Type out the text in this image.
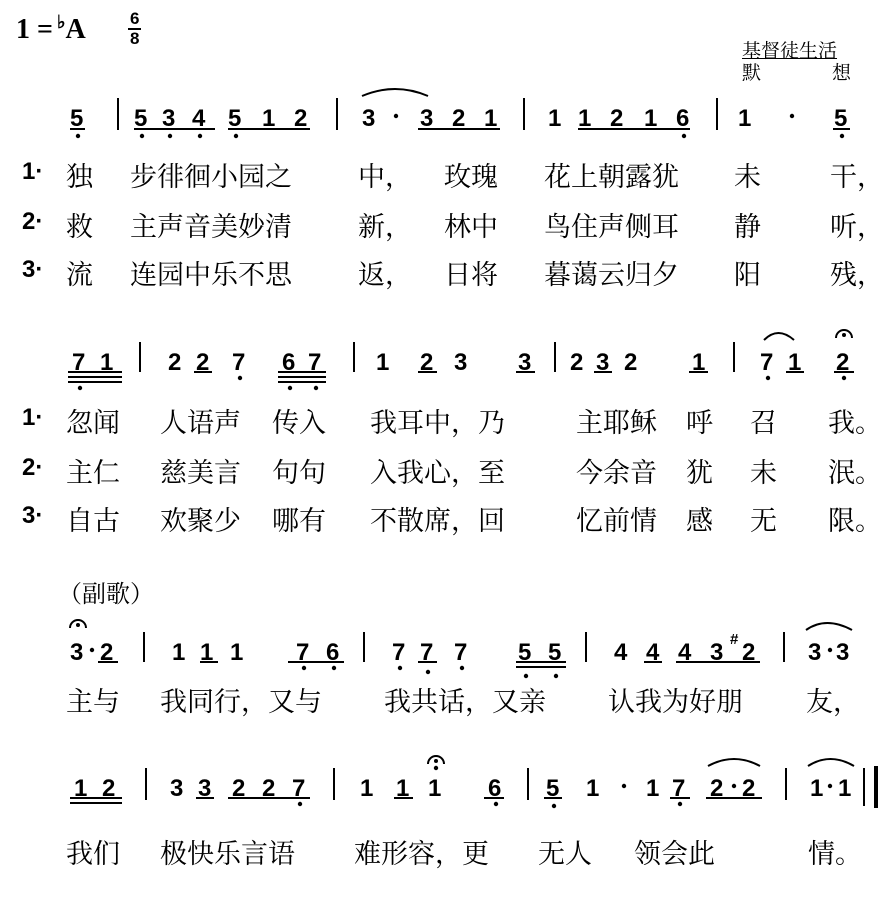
1 = ♭A	6
8
基督徒生活
默	想
5 5 3 4 5 1 2 3 3 2 1 1 1 2 1 6 1	5
7 1 2 2 7 6 7 1 2 3 3 2 3 2 1 7 1 2
3 2 1 1 1 7 6 7 7 7 5 5 4 4 4 3 # 2 3 3
1 2 3 3 2 2 7 1 1 1 6 5 1 1 7 2 2 1 1
1·
2·
3·
独 步徘徊小园之 中， 玫瑰 花上朝露犹 未	干，
救 主声音美妙清 新， 林中 鸟住声侧耳 静	听，
流 连园中乐不思 返， 日将 暮蔼云归夕 阳	残，
1·
2·
3·
忽闻 人语声 传入 我耳中，乃	主耶稣 呼 召 我。
主仁 慈美言 句句 入我心，至	今余音 犹 未 泯。
自古 欢聚少 哪有 不散席，回	忆前情 感 无 限。
（副歌）
主与 我同行，又与 我共话，又亲 认我为好朋 友，
我们 极快乐言语 难形容，更 无人 领会此	情。
